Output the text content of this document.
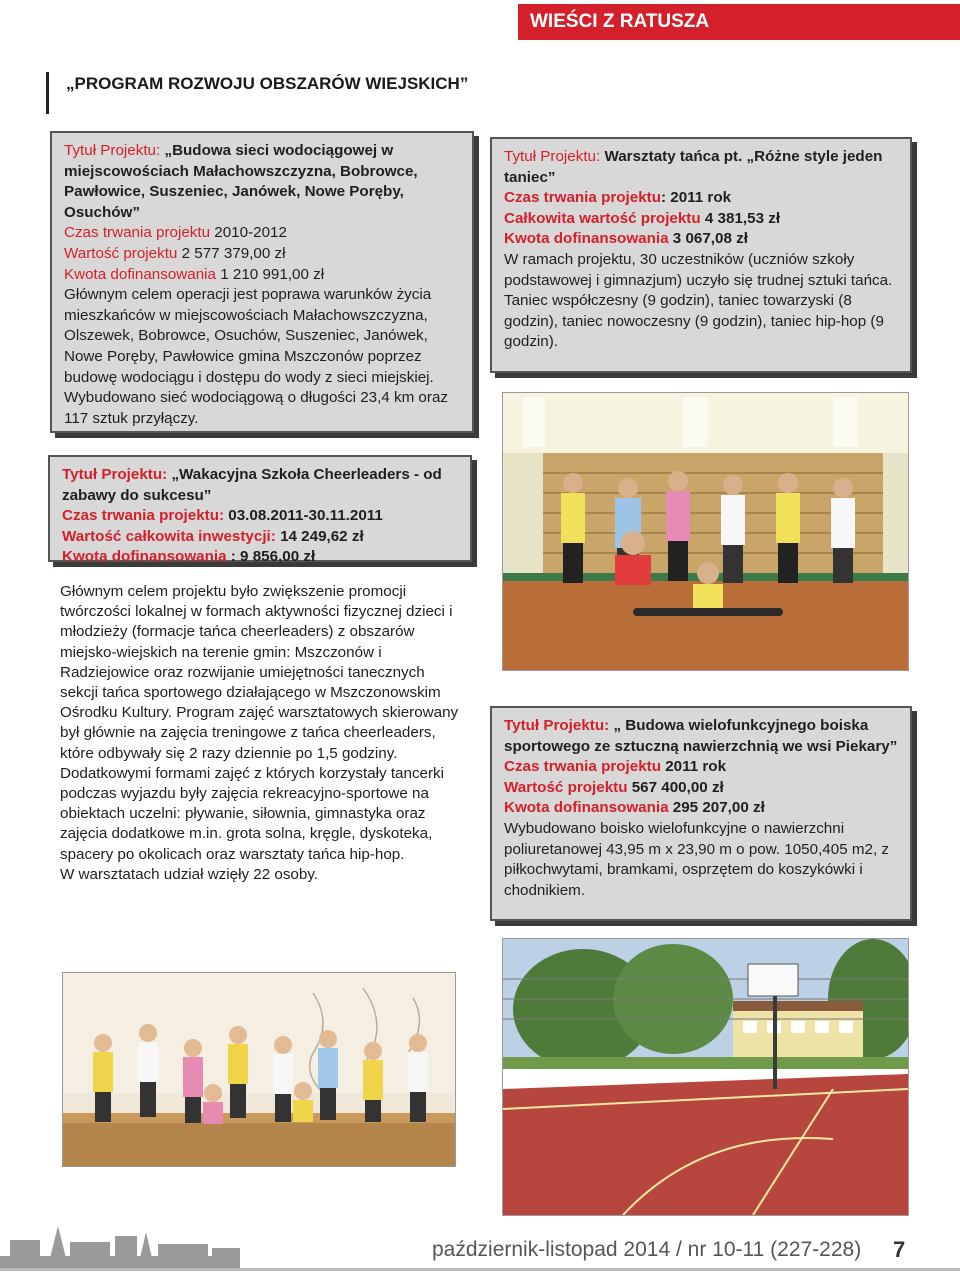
WIEŚCI Z RATUSZA
„PROGRAM ROZWOJU OBSZARÓW WIEJSKICH”
Tytuł Projektu: „Budowa sieci wodociągowej w miejscowościach Małachowszczyzna, Bobrowce, Pawłowice, Suszeniec, Janówek, Nowe Poręby, Osuchów”
Czas trwania projektu 2010-2012
Wartość projektu 2 577 379,00 zł
Kwota dofinansowania 1 210 991,00 zł
Głównym celem operacji jest poprawa warunków życia mieszkańców w miejscowościach Małachowszczyzna, Olszewek, Bobrowce, Osuchów, Suszeniec, Janówek, Nowe Poręby, Pawłowice gmina Mszczonów poprzez budowę wodociągu i dostępu do wody z sieci miejskiej. Wybudowano sieć wodociągową o długości 23,4 km oraz 117 sztuk przyłączy.
Tytuł Projektu: Warsztaty tańca pt. „Różne style jeden taniec”
Czas trwania projektu: 2011 rok
Całkowita wartość projektu 4 381,53 zł
Kwota dofinansowania 3 067,08 zł
W ramach projektu, 30 uczestników (uczniów szkoły podstawowej i gimnazjum) uczyło się trudnej sztuki tańca. Taniec współczesny (9 godzin), taniec towarzyski (8 godzin), taniec nowoczesny (9 godzin), taniec hip-hop (9 godzin).
Tytuł Projektu: „Wakacyjna Szkoła Cheerleaders - od zabawy do sukcesu”
Czas trwania projektu: 03.08.2011-30.11.2011
Wartość całkowita inwestycji: 14 249,62 zł
Kwota dofinansowania : 9 856,00 zł
Głównym celem projektu było zwiększenie promocji twórczości lokalnej w formach aktywności fizycznej dzieci i młodzieży (formacje tańca cheerleaders) z obszarów miejsko-wiejskich na terenie gmin: Mszczonów i Radziejowice oraz rozwijanie umiejętności tanecznych sekcji tańca sportowego działającego w Mszczonowskim Ośrodku Kultury. Program zajęć warsztatowych skierowany był głównie na zajęcia treningowe z tańca cheerleaders, które odbywały się 2 razy dziennie po 1,5 godziny. Dodatkowymi formami zajęć z których korzystały tancerki podczas wyjazdu były zajęcia rekreacyjno-sportowe na obiektach uczelni: pływanie, siłownia, gimnastyka oraz zajęcia dodatkowe m.in. grota solna, kręgle, dyskoteka, spacery po okolicach oraz warsztaty tańca hip-hop.
W warsztatach udział wzięły 22 osoby.
Tytuł Projektu: „ Budowa wielofunkcyjnego boiska sportowego ze sztuczną nawierzchnią we wsi Piekary”
Czas trwania projektu 2011 rok
Wartość projektu 567 400,00 zł
Kwota dofinansowania 295 207,00 zł
Wybudowano boisko wielofunkcyjne o nawierzchni poliuretanowej 43,95 m x 23,90 m o pow. 1050,405 m2, z piłkochwytami, bramkami, osprzętem do koszykówki i chodnikiem.
październik-listopad 2014 / nr 10-11 (227-228) 7
